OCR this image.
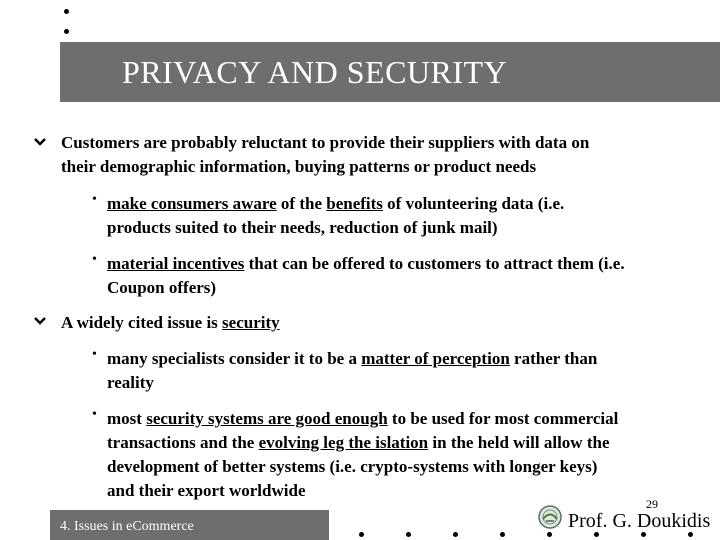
PRIVACY AND SECURITY
Customers are probably reluctant to provide their suppliers with data on
their demographic information, buying patterns or product needs
• make consumers aware of the benefits of volunteering data (i.e.
products suited to their needs, reduction of junk mail)
• material incentives that can be offered to customers to attract them (i.e.
Coupon offers)
A widely cited issue is security
• many specialists consider it to be a matter of perception rather than
reality
• most security systems are good enough to be used for most commercial
transactions and the evolving leg the islation in the held will allow the
development of better systems (i.e. crypto-systems with longer keys)
and their export worldwide
4. Issues in eCommerce
29
Prof. G. Doukidis
